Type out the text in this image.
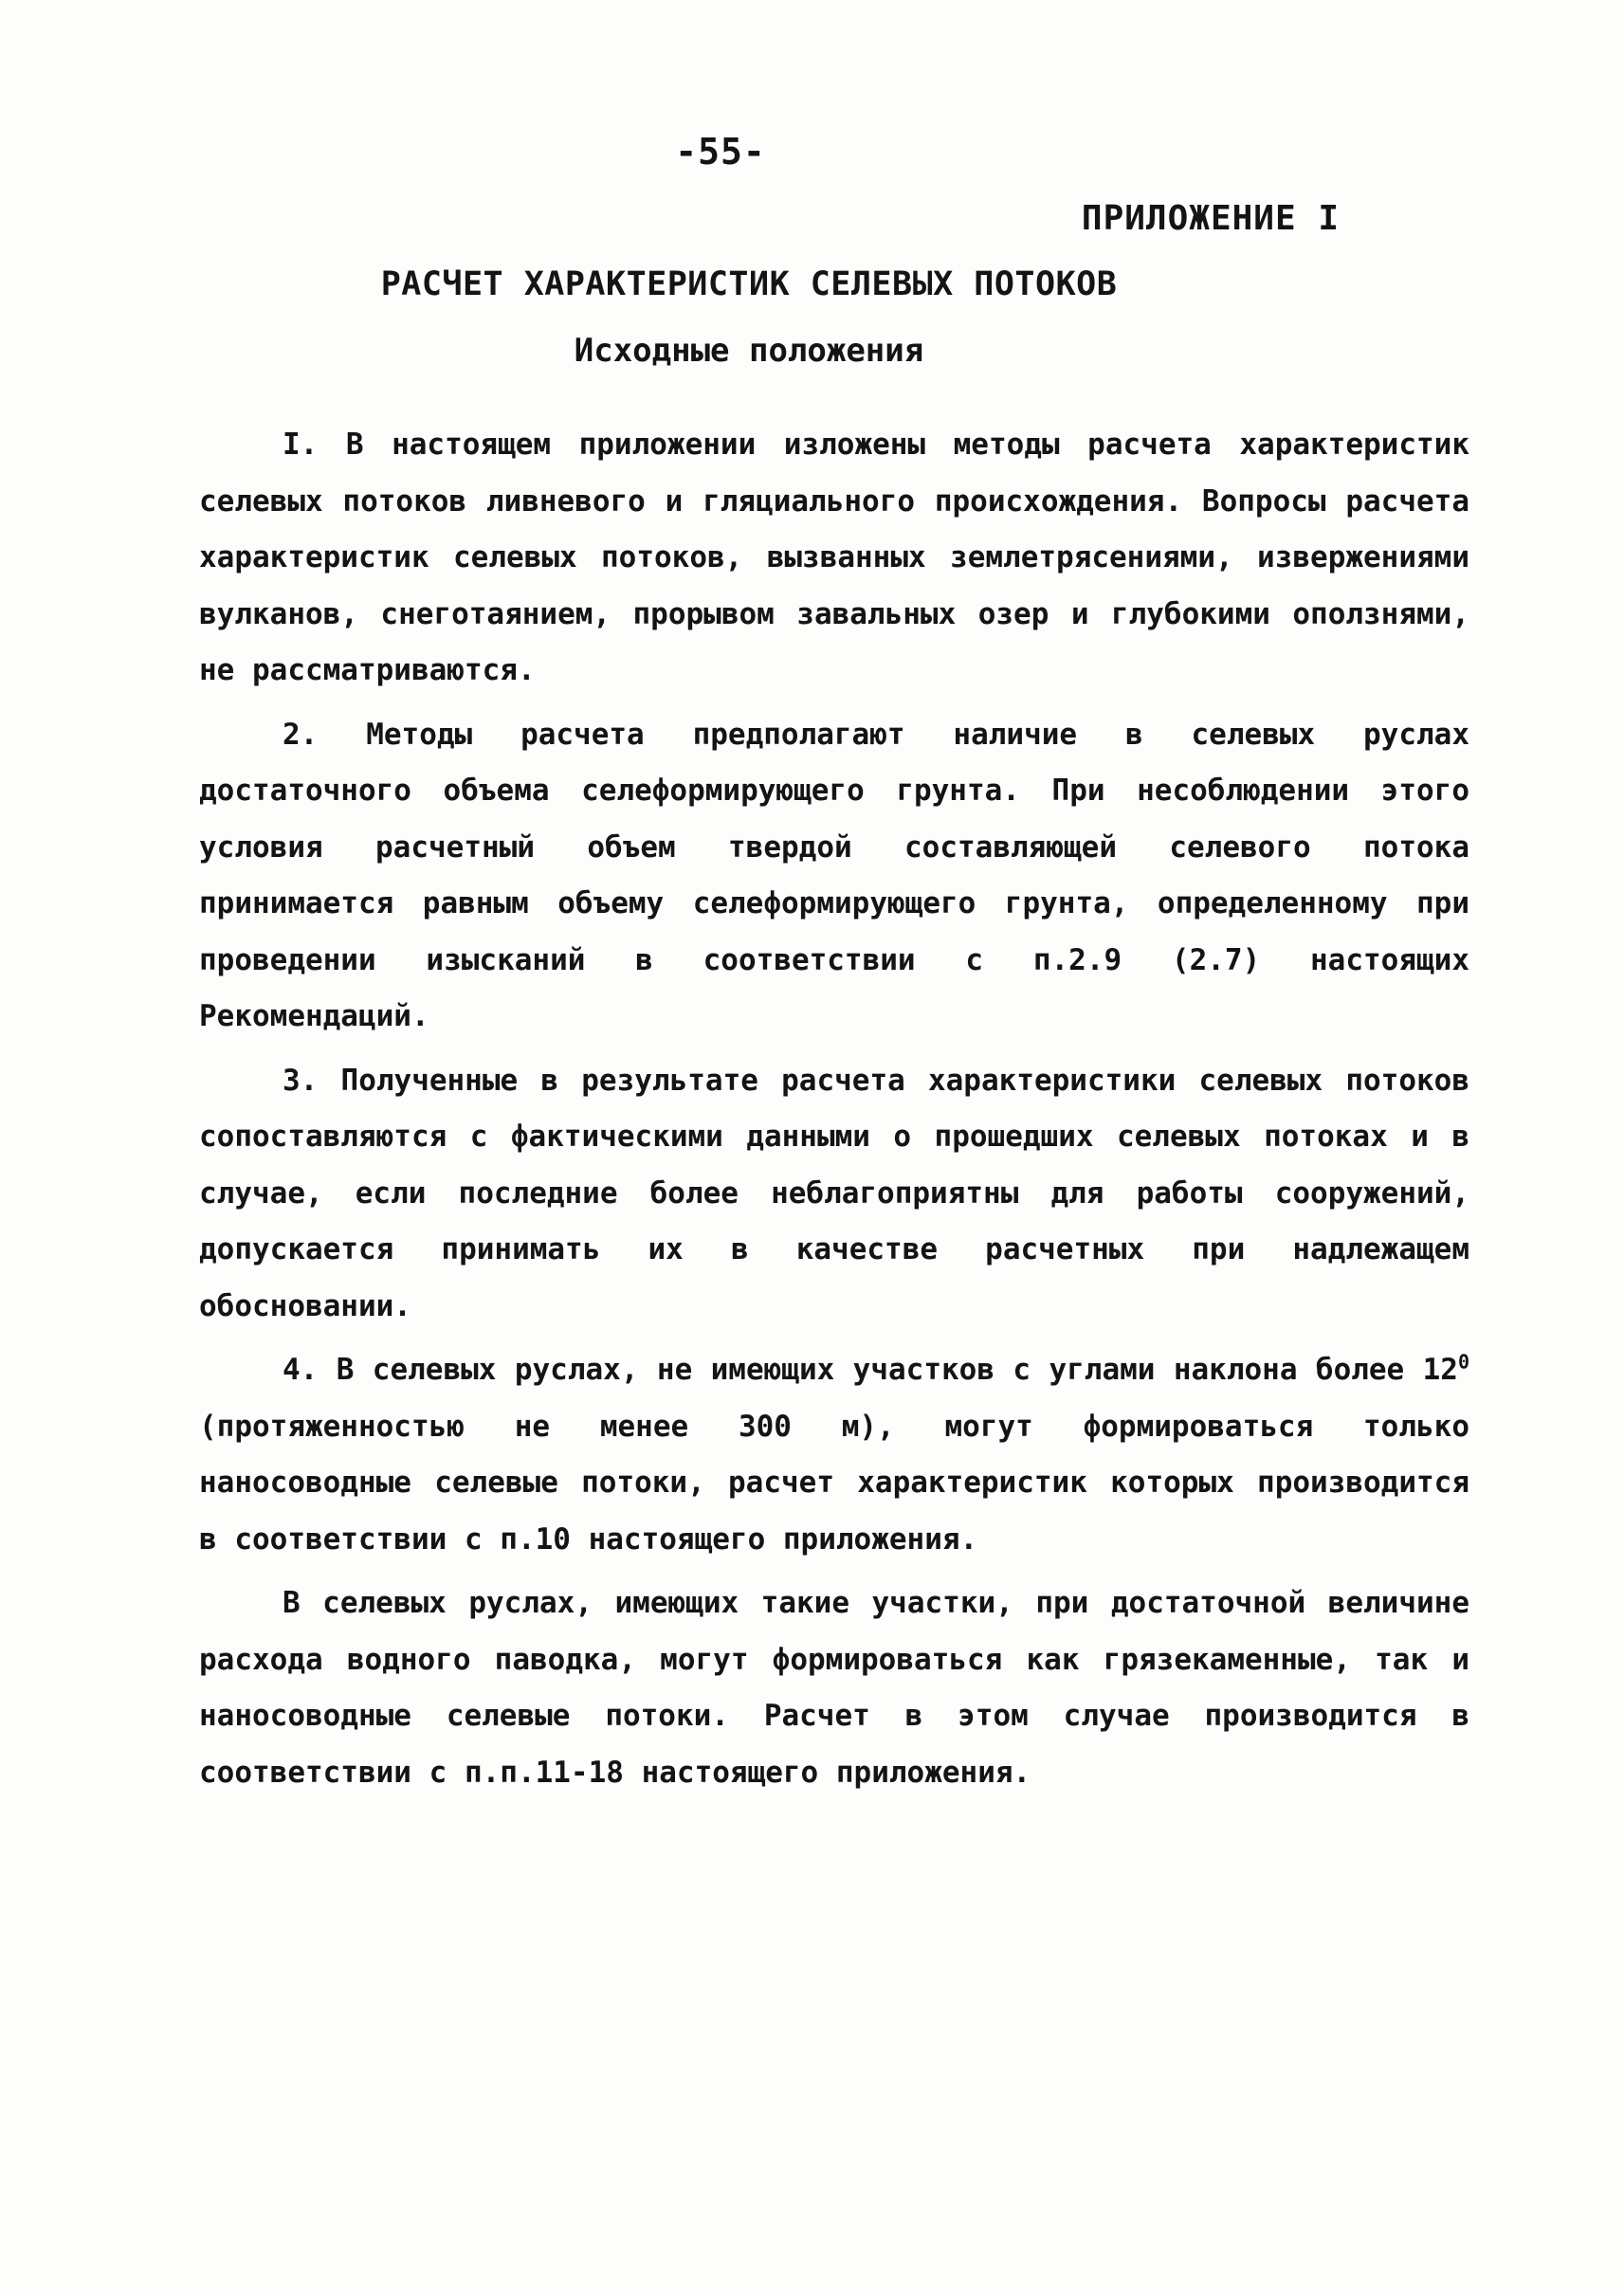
-55-
ПРИЛОЖЕНИЕ I
РАСЧЕТ ХАРАКТЕРИСТИК СЕЛЕВЫХ ПОТОКОВ
Исходные положения

I. В настоящем приложении изложены методы расчета характеристик селевых потоков ливневого и гляциального происхождения. Вопросы расчета характеристик селевых потоков, вызванных землетрясениями, извержениями вулканов, снеготаянием, прорывом завальных озер и глубокими оползнями, не рассматриваются.

2. Методы расчета предполагают наличие в селевых руслах достаточного объема селеформирующего грунта. При несоблюдении этого условия расчетный объем твердой составляющей селевого потока принимается равным объему селеформирующего грунта, определенному при проведении изысканий в соответствии с п.2.9 (2.7) настоящих Рекомендаций.

3. Полученные в результате расчета характеристики селевых потоков сопоставляются с фактическими данными о прошедших селевых потоках и в случае, если последние более неблагоприятны для работы сооружений, допускается принимать их в качестве расчетных при надлежащем обосновании.

4. В селевых руслах, не имеющих участков с углами наклона более $12^0$ (протяженностью не менее 300 м), могут формироваться только наносоводные селевые потоки, расчет характеристик которых производится в соответствии с п.10 настоящего приложения.

В селевых руслах, имеющих такие участки, при достаточной величине расхода водного паводка, могут формироваться как грязекаменные, так и наносоводные селевые потоки. Расчет в этом случае производится в соответствии с п.п.11-18 настоящего приложения.
